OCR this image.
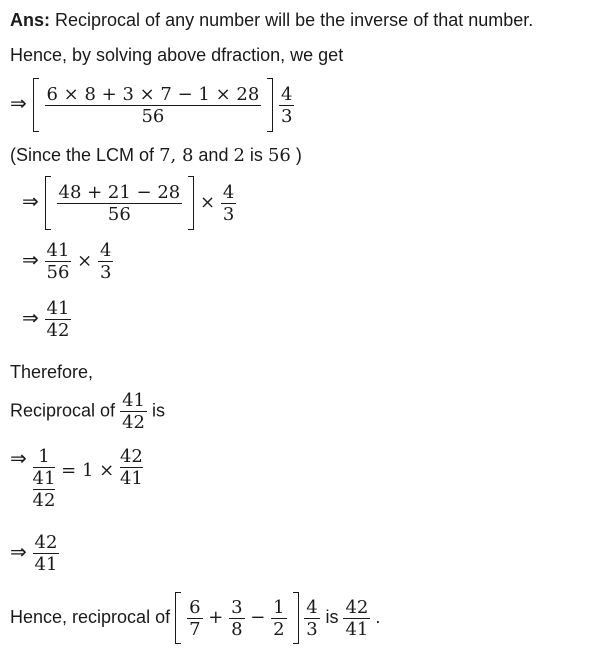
Ans: Reciprocal of any number will be the inverse of that number.
Hence, by solving above dfraction, we get
⇒ $\frac{6 \times 8 + 3 \times 7 - 1 \times 28}{56}$
$\frac{4}{3}$
(Since the LCM of 7, 8 and 2 is 56 )
⇒ $\frac{48 + 21 - 28}{56} \times \frac{4}{3}$
⇒ $\frac{41}{56} \times \frac{4}{3}$
⇒ $\frac{41}{42}$
Therefore,
Reciprocal of $\frac{41}{42}$ is
⇒ 1
41
42
= $1 \times \frac{42}{41}$
⇒ $\frac{42}{41}$
Hence, reciprocal of $\frac{6}{7} + \frac{3}{8} - \frac{1}{2}$
$\frac{4}{3}$ is $\frac{42}{41}$ .
